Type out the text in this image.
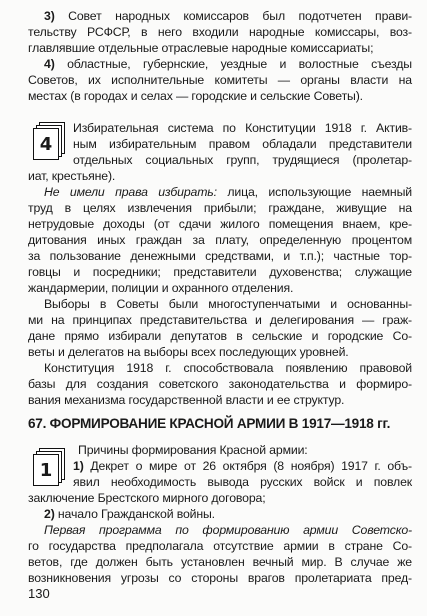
3) Совет народных комиссаров был подотчетен прави-
тельству РСФСР, в него входили народные комиссары, воз-
главлявшие отдельные отраслевые народные комиссариаты;
4) областные, губернские, уездные и волостные съезды
Советов, их исполнительные комитеты — органы власти на
местах (в городах и селах — городские и сельские Советы).
4
Избирательная система по Конституции 1918 г. Актив-
ным избирательным правом обладали представители
отдельных социальных групп, трудящиеся (пролетар-
иат, крестьяне).
Не имели права избирать: лица, использующие наемный
труд в целях извлечения прибыли; граждане, живущие на
нетрудовые доходы (от сдачи жилого помещения внаем, кре-
дитования иных граждан за плату, определенную процентом
за пользование денежными средствами, и т.п.); частные тор-
говцы и посредники; представители духовенства; служащие
жандармерии, полиции и охранного отделения.
Выборы в Советы были многоступенчатыми и основанны-
ми на принципах представительства и делегирования — граж-
дане прямо избирали депутатов в сельские и городские Со-
веты и делегатов на выборы всех последующих уровней.
Конституция 1918 г. способствовала появлению правовой
базы для создания советского законодательства и формиро-
вания механизма государственной власти и ее структур.
67. ФОРМИРОВАНИЕ КРАСНОЙ АРМИИ В 1917—1918 гг.
1
Причины формирования Красной армии:
1) Декрет о мире от 26 октября (8 ноября) 1917 г. объ-
явил необходимость вывода русских войск и повлек
заключение Брестского мирного договора;
2) начало Гражданской войны.
Первая программа по формированию армии Советско-
го государства предполагала отсутствие армии в стране Со-
ветов, где должен быть установлен вечный мир. В случае же
возникновения угрозы со стороны врагов пролетариата пред-
130
